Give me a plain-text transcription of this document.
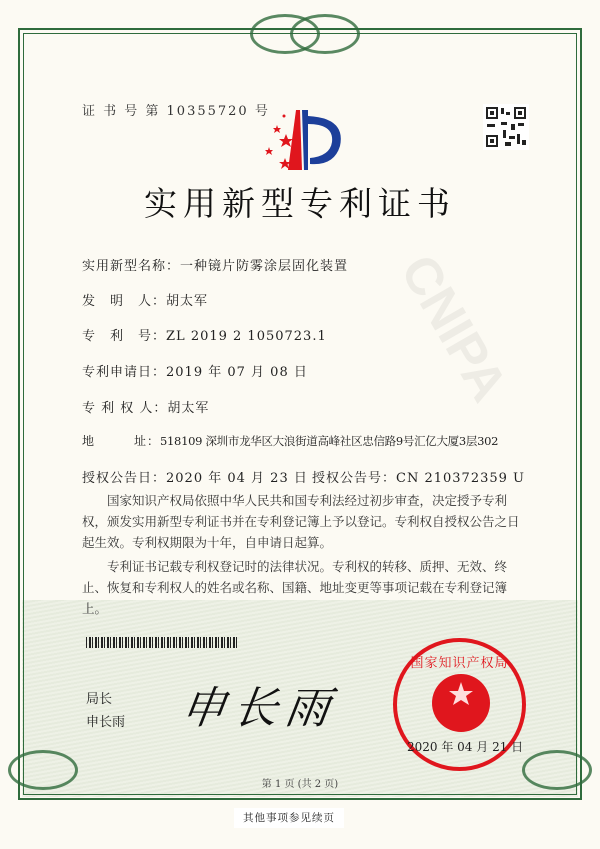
CNIPA
证 书 号 第 10355720 号
实用新型专利证书
实用新型名称：一种镜片防雾涂层固化装置
发　明　人：胡太军
专　利　号：ZL 2019 2 1050723.1
专利申请日：2019 年 07 月 08 日
专 利 权 人：胡太军
地　　　址：518109 深圳市龙华区大浪街道高峰社区忠信路9号汇亿大厦3层302
授权公告日：2020 年 04 月 23 日 授权公告号：CN 210372359 U

国家知识产权局依照中华人民共和国专利法经过初步审查，决定授予专利权，颁发实用新型专利证书并在专利登记簿上予以登记。专利权自授权公告之日起生效。专利权期限为十年，自申请日起算。

专利证书记载专利权登记时的法律状况。专利权的转移、质押、无效、终止、恢复和专利权人的姓名或名称、国籍、地址变更等事项记载在专利登记簿上。

局长
申长雨 申长雨
国家知识产权局
2020 年 04 月 21 日
第 1 页 (共 2 页)
其他事项参见续页
